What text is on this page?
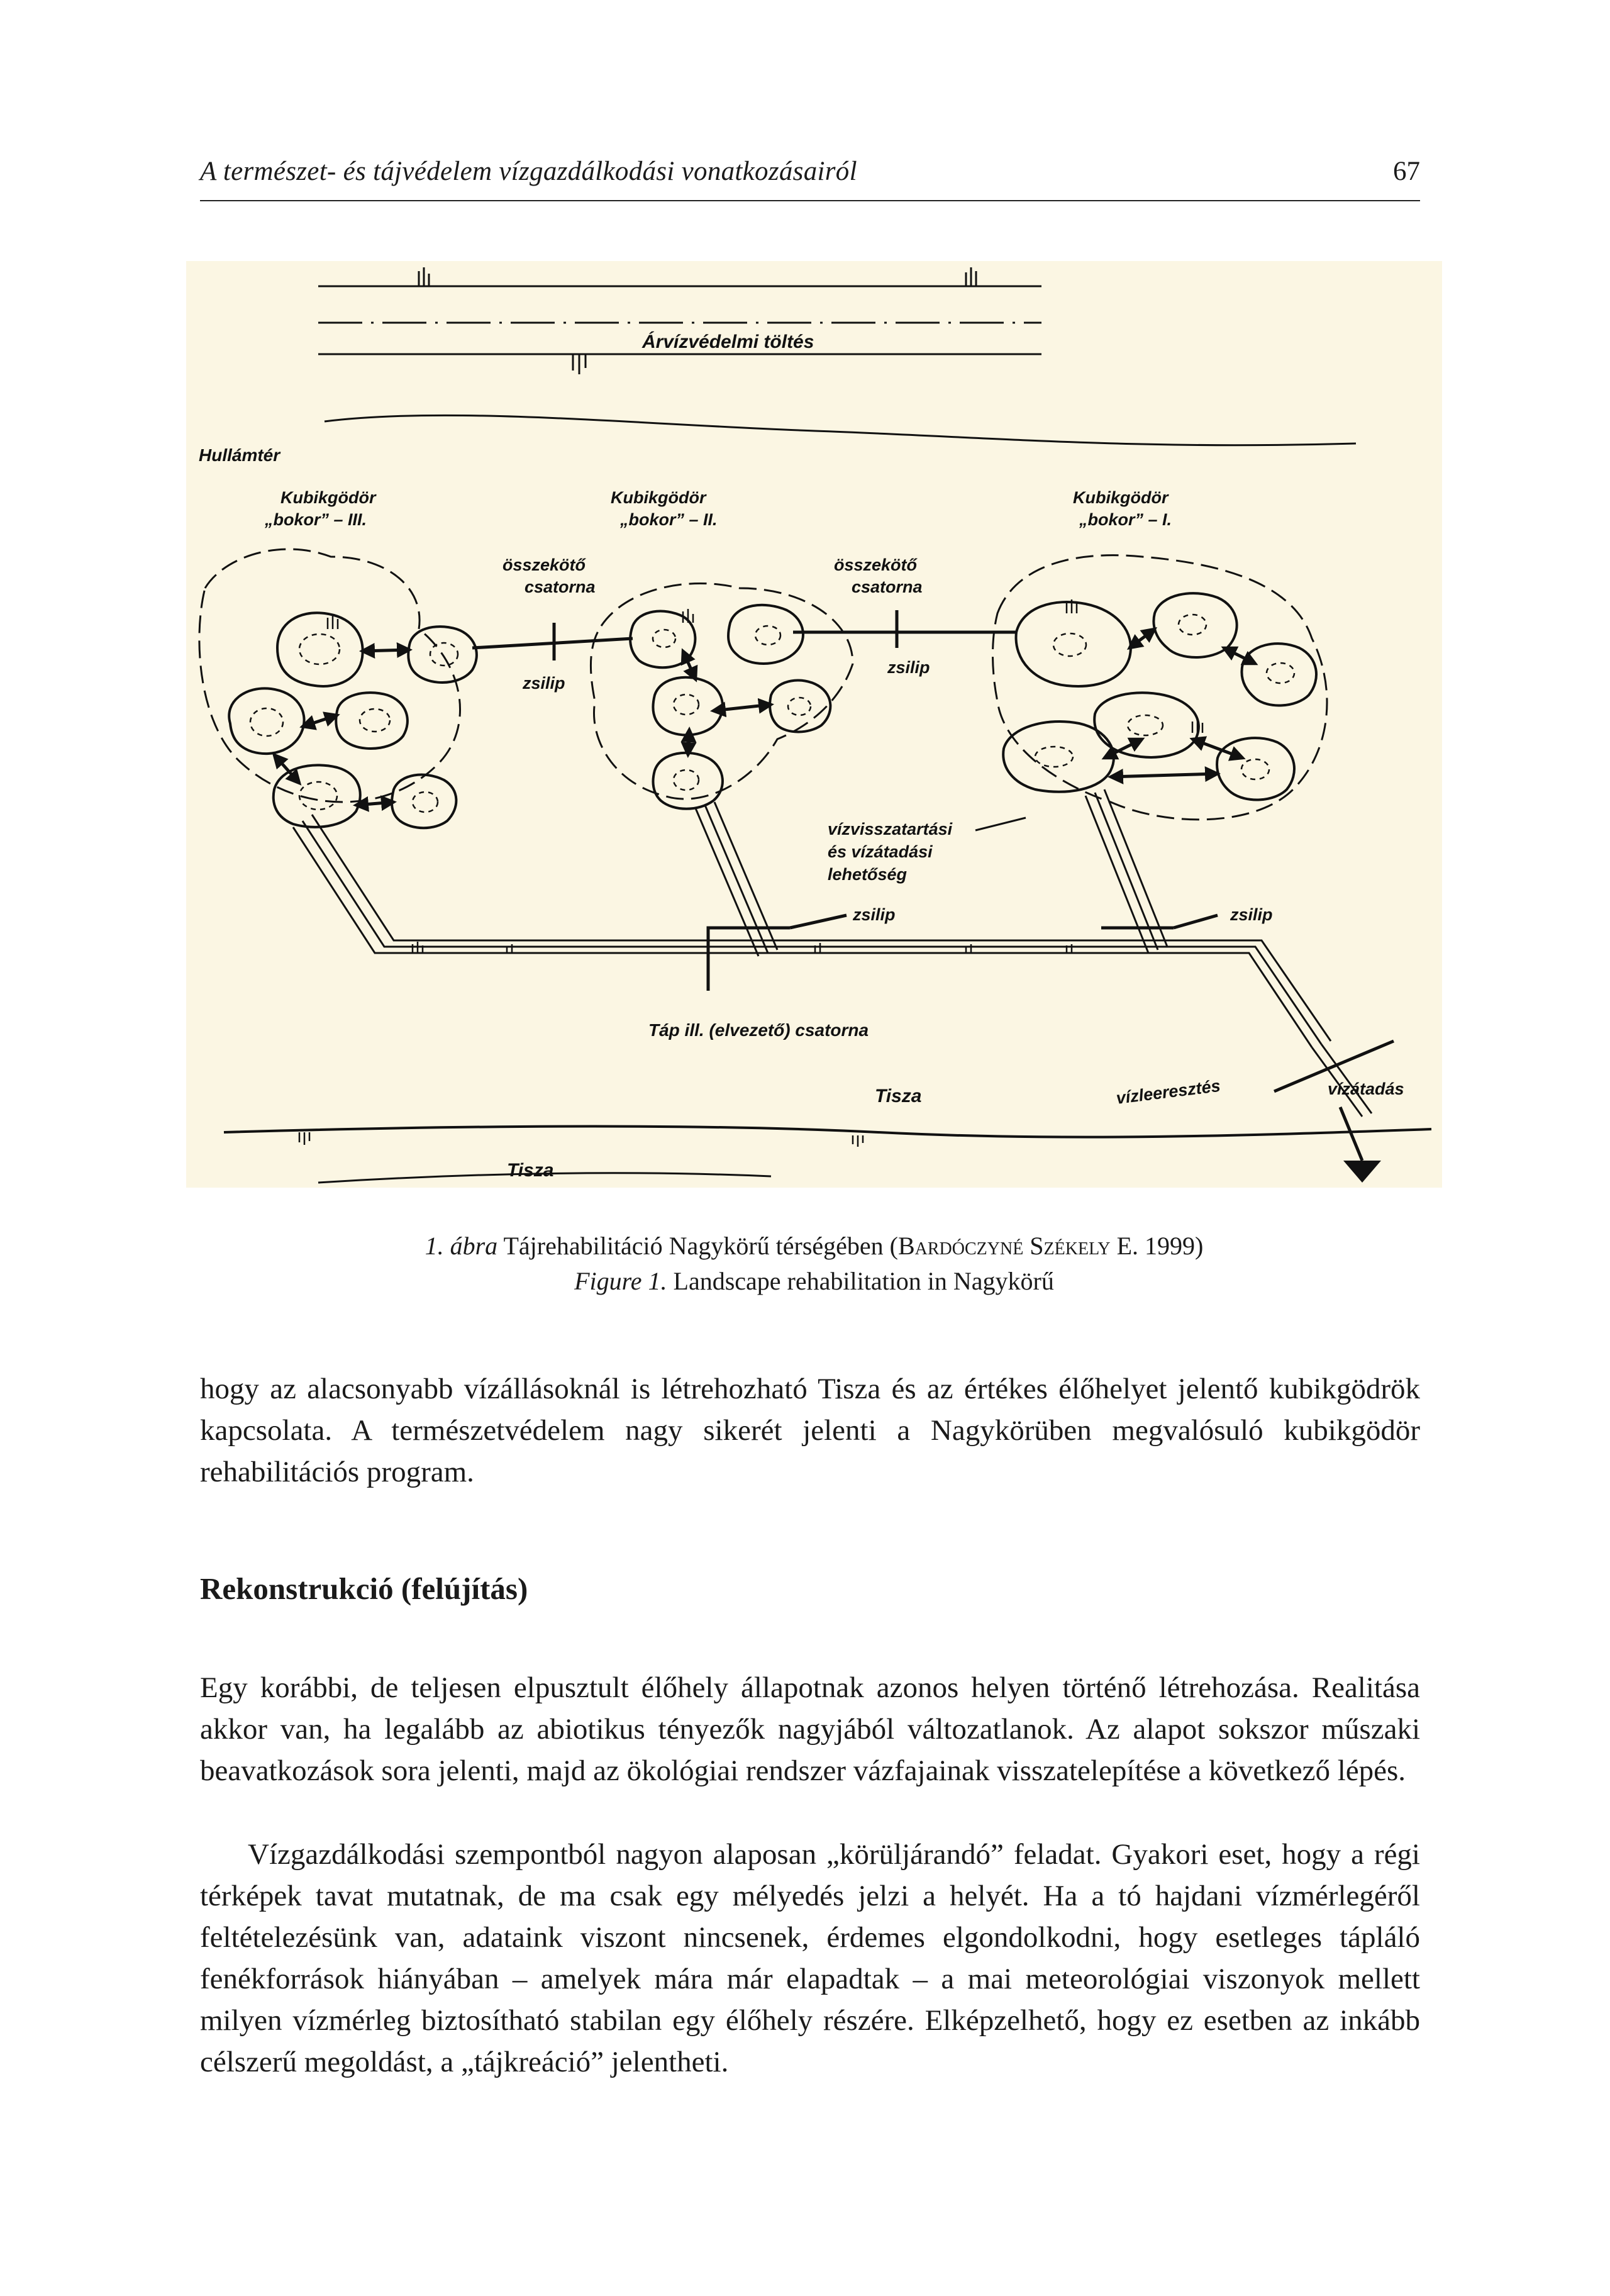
A természet- és tájvédelem vízgazdálkodási vonatkozásairól	67
Árvízvédelmi töltés
Hullámtér
Kubikgödör
„bokor” – III.
Kubikgödör
„bokor” – II.
Kubikgödör
„bokor” – I.
összekötő
csatorna
összekötő
csatorna
zsilip
zsilip
vízvisszatartási
és vízátadási
lehetőség
zsilip	zsilip
Táp ill. (elvezető) csatorna
Tisza	vízleeresztés	vízátadás
Tisza
1. ábra Tájrehabilitáció Nagykörű térségében (Bardóczyné Székely E. 1999)
Figure 1. Landscape rehabilitation in Nagykörű

hogy az alacsonyabb vízállásoknál is létrehozható Tisza és az értékes élőhelyet jelentő kubikgödrök kapcsolata. A természetvédelem nagy sikerét jelenti a Nagykörüben megvalósuló kubikgödör rehabilitációs program.

Rekonstrukció (felújítás)

Egy korábbi, de teljesen elpusztult élőhely állapotnak azonos helyen történő létrehozása. Realitása akkor van, ha legalább az abiotikus tényezők nagyjából változatlanok. Az alapot sokszor műszaki beavatkozások sora jelenti, majd az ökológiai rendszer vázfajainak visszatelepítése a következő lépés.

Vízgazdálkodási szempontból nagyon alaposan „körüljárandó” feladat. Gyakori eset, hogy a régi térképek tavat mutatnak, de ma csak egy mélyedés jelzi a helyét. Ha a tó hajdani vízmérlegéről feltételezésünk van, adataink viszont nincsenek, érdemes elgondolkodni, hogy esetleges tápláló fenékforrások hiányában – amelyek mára már elapadtak – a mai meteorológiai viszonyok mellett milyen vízmérleg biztosítható stabilan egy élőhely részére. Elképzelhető, hogy ez esetben az inkább célszerű megoldást, a „tájkreáció” jelentheti.
